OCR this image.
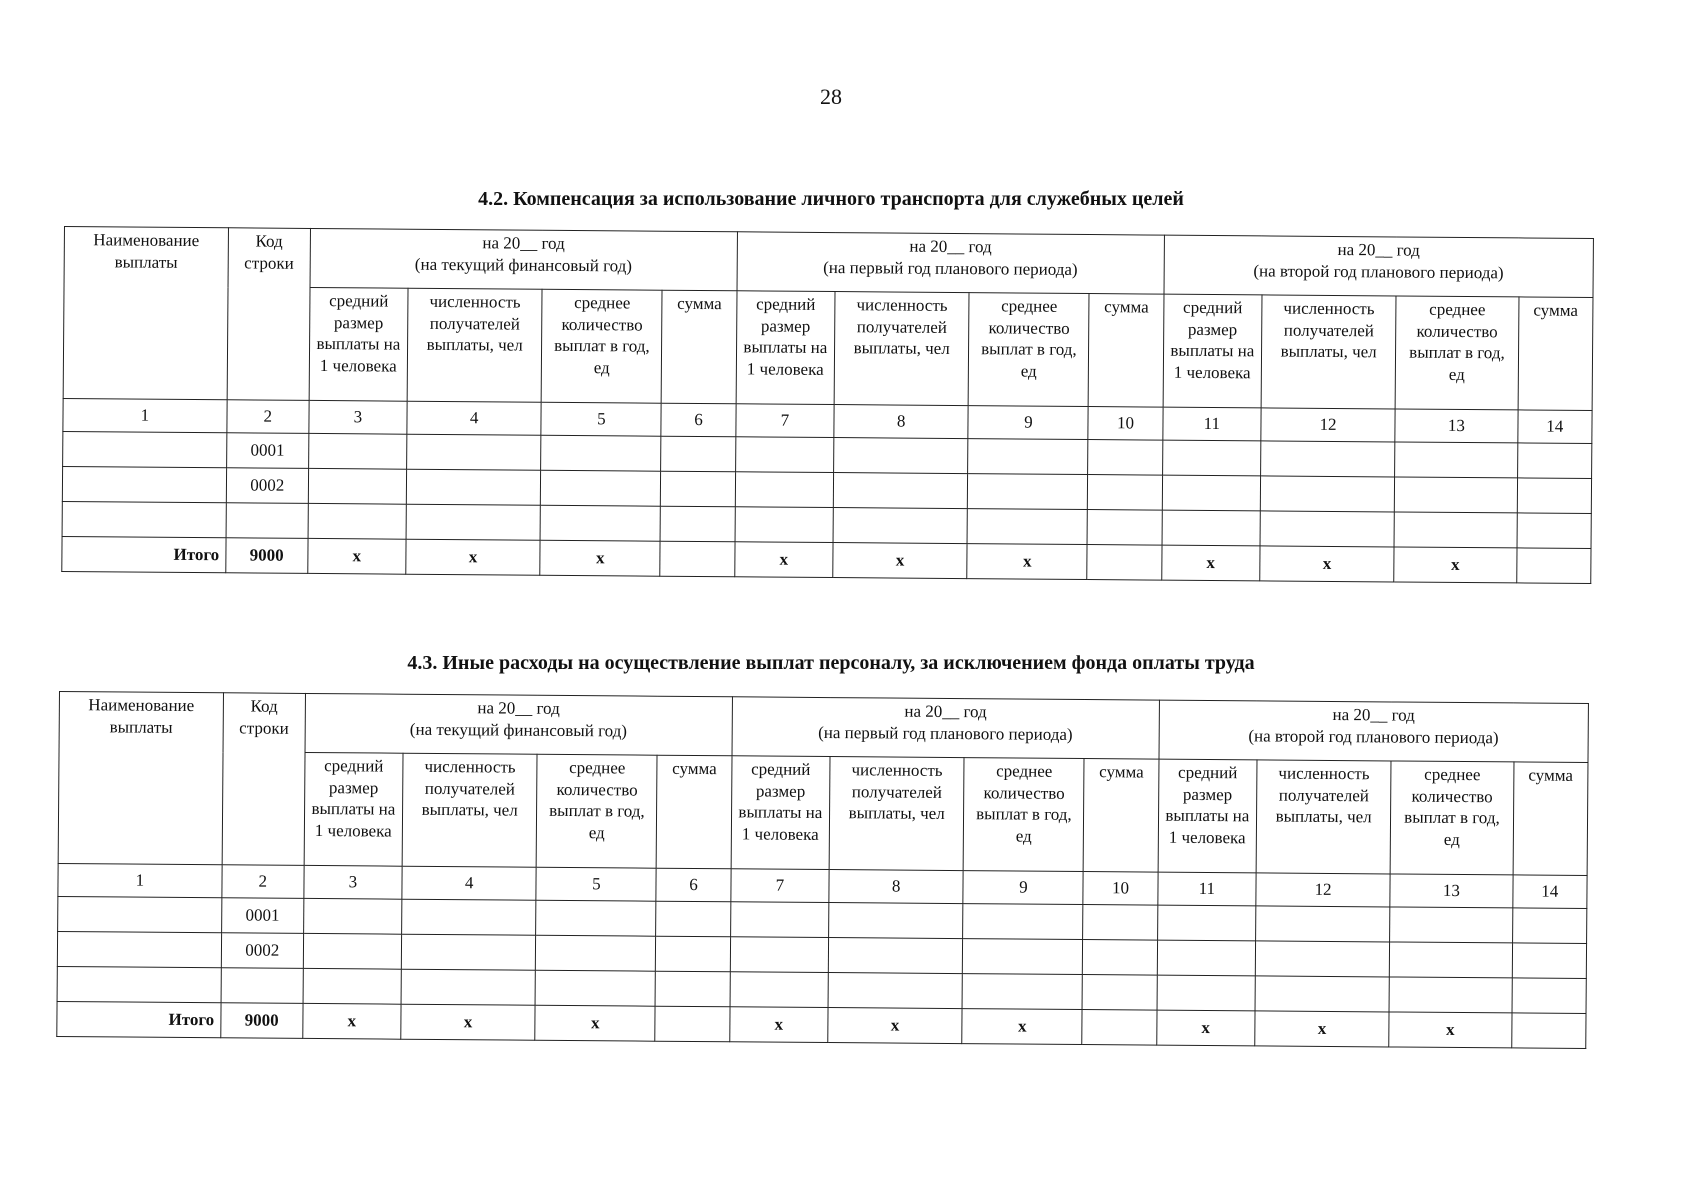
28
4.2. Компенсация за использование личного транспорта для служебных целей
Наименование выплаты	Код строки	на 20__ год
(на текущий финансовый год)				на 20__ год
(на первый год планового периода)				на 20__ год
(на второй год планового периода)			

		средний размер выплаты на 1 человека	численность получателей выплаты, чел	среднее количество выплат в год, ед	сумма	средний размер выплаты на 1 человека	численность получателей выплаты, чел	среднее количество выплат в год, ед	сумма	средний размер выплаты на 1 человека	численность получателей выплаты, чел	среднее количество выплат в год, ед	сумма
1	2	3	4	5	6	7	8	9	10	11	12	13	14
	0001												
	0002												

Итого	9000	x	x	x		x	x	x		x	x	x	
4.3. Иные расходы на осуществление выплат персоналу, за исключением фонда оплаты труда
Наименование выплаты	Код строки	на 20__ год
(на текущий финансовый год)				на 20__ год
(на первый год планового периода)				на 20__ год
(на второй год планового периода)			

		средний размер выплаты на 1 человека	численность получателей выплаты, чел	среднее количество выплат в год, ед	сумма	средний размер выплаты на 1 человека	численность получателей выплаты, чел	среднее количество выплат в год, ед	сумма	средний размер выплаты на 1 человека	численность получателей выплаты, чел	среднее количество выплат в год, ед	сумма
1	2	3	4	5	6	7	8	9	10	11	12	13	14
	0001												
	0002												

Итого	9000	x	x	x		x	x	x		x	x	x	
